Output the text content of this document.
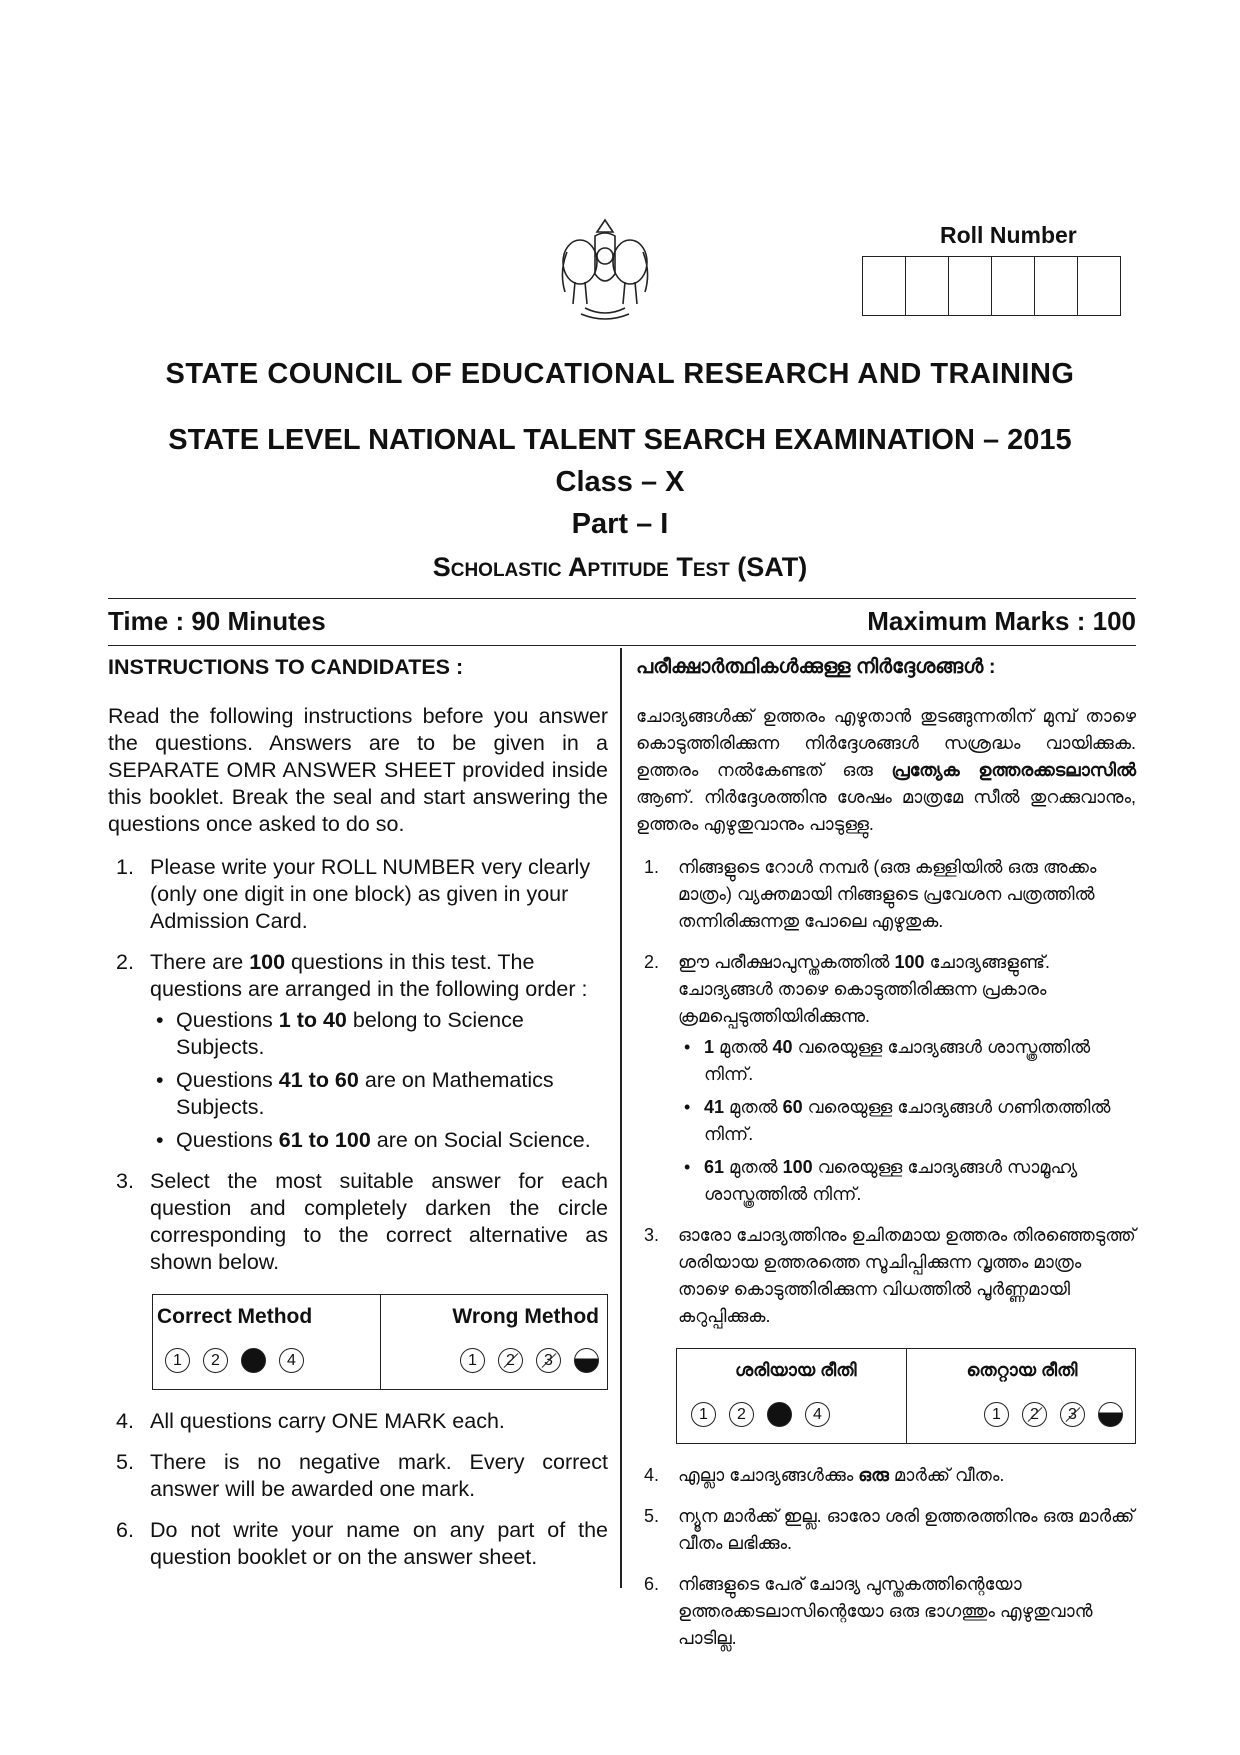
Roll Number
STATE COUNCIL OF EDUCATIONAL RESEARCH AND TRAINING
STATE LEVEL NATIONAL TALENT SEARCH EXAMINATION – 2015
Class – X
Part – I
Scholastic Aptitude Test (SAT)
Time : 90 Minutes	Maximum Marks : 100
INSTRUCTIONS TO CANDIDATES :

Read the following instructions before you answer the questions. Answers are to be given in a SEPARATE OMR ANSWER SHEET provided inside this booklet. Break the seal and start answering the questions once asked to do so.

1. Please write your ROLL NUMBER very clearly (only one digit in one block) as given in your Admission Card.
2. There are 100 questions in this test. The questions are arranged in the following order :
• Questions 1 to 40 belong to Science Subjects.
• Questions 41 to 60 are on Mathematics Subjects.
• Questions 61 to 100 are on Social Science.
3. Select the most suitable answer for each question and completely darken the circle corresponding to the correct alternative as shown below.
Correct Method
1	2	4
Wrong Method
1	2	3
4. All questions carry ONE MARK each.
5. There is no negative mark. Every correct answer will be awarded one mark.
6. Do not write your name on any part of the question booklet or on the answer sheet.
പരീക്ഷാർത്ഥികൾക്കുള്ള നിർദ്ദേശങ്ങൾ :

ചോദ്യങ്ങൾക്ക് ഉത്തരം എഴുതാൻ തുടങ്ങുന്നതിന് മുമ്പ് താഴെ കൊടുത്തിരിക്കുന്ന നിർദ്ദേശങ്ങൾ സശ്രദ്ധം വായിക്കുക. ഉത്തരം നൽകേണ്ടത് ഒരു പ്രത്യേക ഉത്തരക്കടലാസിൽ ആണ്. നിർദ്ദേശത്തിനു ശേഷം മാത്രമേ സീൽ തുറക്കുവാനും, ഉത്തരം എഴുതുവാനും പാടുള്ളു.

1. നിങ്ങളുടെ റോൾ നമ്പർ (ഒരു കള്ളിയിൽ ഒരു അക്കം മാത്രം) വ്യക്തമായി നിങ്ങളുടെ പ്രവേശന പത്രത്തിൽ തന്നിരിക്കുന്നതു പോലെ എഴുതുക.
2. ഈ പരീക്ഷാപുസ്തകത്തിൽ 100 ചോദ്യങ്ങളുണ്ട്. ചോദ്യങ്ങൾ താഴെ കൊടുത്തിരിക്കുന്ന പ്രകാരം ക്രമപ്പെടുത്തിയിരിക്കുന്നു.
• 1 മുതൽ 40 വരെയുള്ള ചോദ്യങ്ങൾ ശാസ്ത്രത്തിൽ നിന്ന്.
• 41 മുതൽ 60 വരെയുള്ള ചോദ്യങ്ങൾ ഗണിതത്തിൽ നിന്ന്.
• 61 മുതൽ 100 വരെയുള്ള ചോദ്യങ്ങൾ സാമൂഹ്യ ശാസ്ത്രത്തിൽ നിന്ന്.
3. ഓരോ ചോദ്യത്തിനും ഉചിതമായ ഉത്തരം തിരഞ്ഞെടുത്ത് ശരിയായ ഉത്തരത്തെ സൂചിപ്പിക്കുന്ന വൃത്തം മാത്രം താഴെ കൊടുത്തിരിക്കുന്ന വിധത്തിൽ പൂർണ്ണമായി കറുപ്പിക്കുക.
ശരിയായ രീതി
1	2	4
തെറ്റായ രീതി
1	2	3
4. എല്ലാ ചോദ്യങ്ങൾക്കും ഒരു മാർക്ക് വീതം.
5. ന്യൂന മാർക്ക് ഇല്ല. ഓരോ ശരി ഉത്തരത്തിനും ഒരു മാർക്ക് വീതം ലഭിക്കും.
6. നിങ്ങളുടെ പേര് ചോദ്യ പുസ്തകത്തിന്റെയോ ഉത്തരക്കടലാസിന്റെയോ ഒരു ഭാഗത്തും എഴുതുവാൻ പാടില്ല.
